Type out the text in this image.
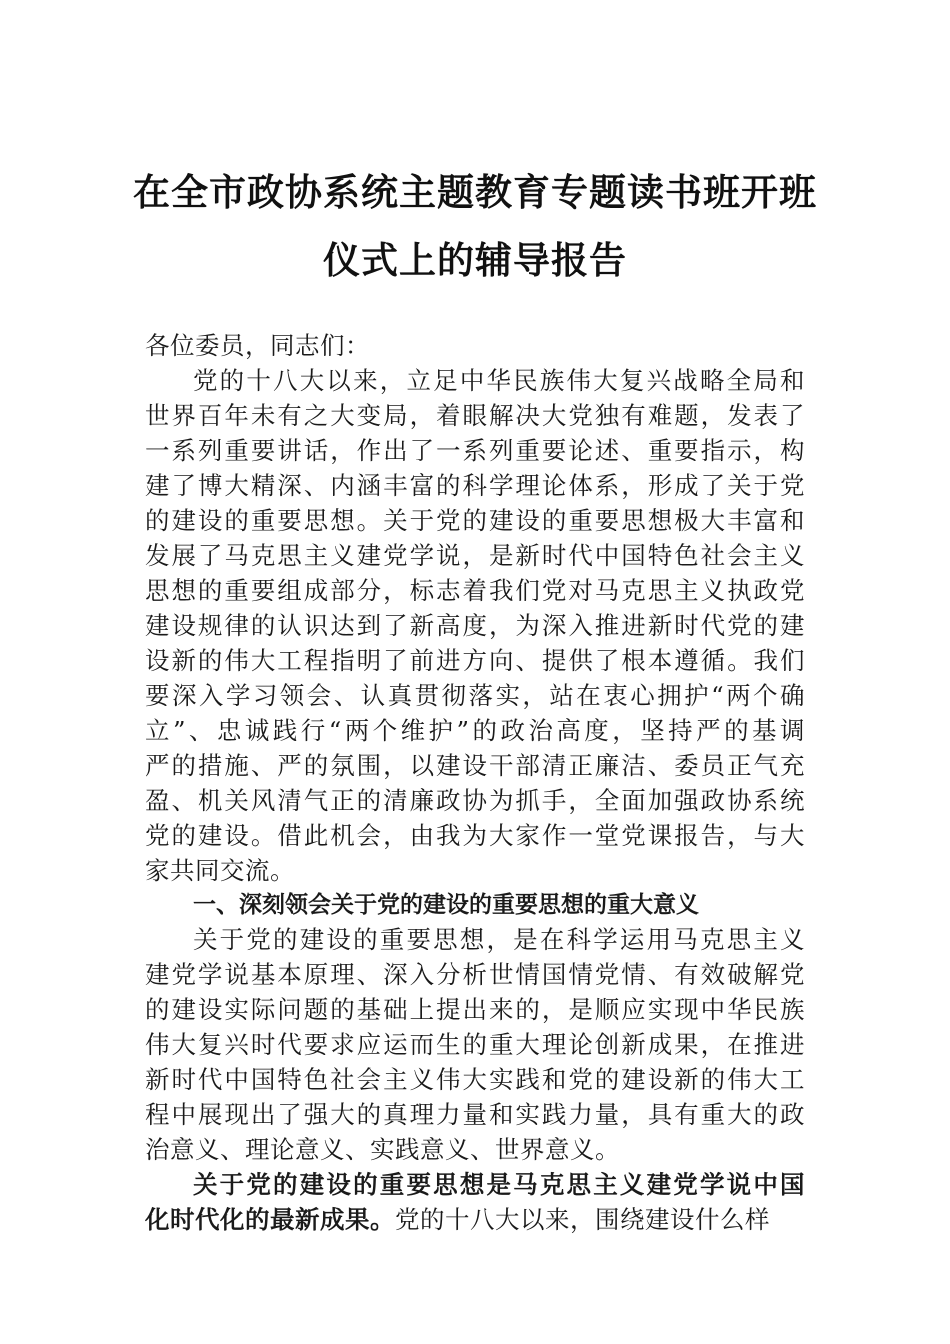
在全市政协系统主题教育专题读书班开班
仪式上的辅导报告
各位委员，同志们：
党的十八大以来，立足中华民族伟大复兴战略全局和
世界百年未有之大变局，着眼解决大党独有难题，发表了
一系列重要讲话，作出了一系列重要论述、重要指示，构
建了博大精深、内涵丰富的科学理论体系，形成了关于党
的建设的重要思想。关于党的建设的重要思想极大丰富和
发展了马克思主义建党学说，是新时代中国特色社会主义
思想的重要组成部分，标志着我们党对马克思主义执政党
建设规律的认识达到了新高度，为深入推进新时代党的建
设新的伟大工程指明了前进方向、提供了根本遵循。我们
要深入学习领会、认真贯彻落实，站在衷心拥护“两个确
立”、忠诚践行“两个维护”的政治高度，坚持严的基调
严的措施、严的氛围，以建设干部清正廉洁、委员正气充
盈、机关风清气正的清廉政协为抓手，全面加强政协系统
党的建设。借此机会，由我为大家作一堂党课报告，与大
家共同交流。
一、深刻领会关于党的建设的重要思想的重大意义
关于党的建设的重要思想，是在科学运用马克思主义
建党学说基本原理、深入分析世情国情党情、有效破解党
的建设实际问题的基础上提出来的，是顺应实现中华民族
伟大复兴时代要求应运而生的重大理论创新成果，在推进
新时代中国特色社会主义伟大实践和党的建设新的伟大工
程中展现出了强大的真理力量和实践力量，具有重大的政
治意义、理论意义、实践意义、世界意义。
关于党的建设的重要思想是马克思主义建党学说中国
化时代化的最新成果。党的十八大以来，围绕建设什么样
